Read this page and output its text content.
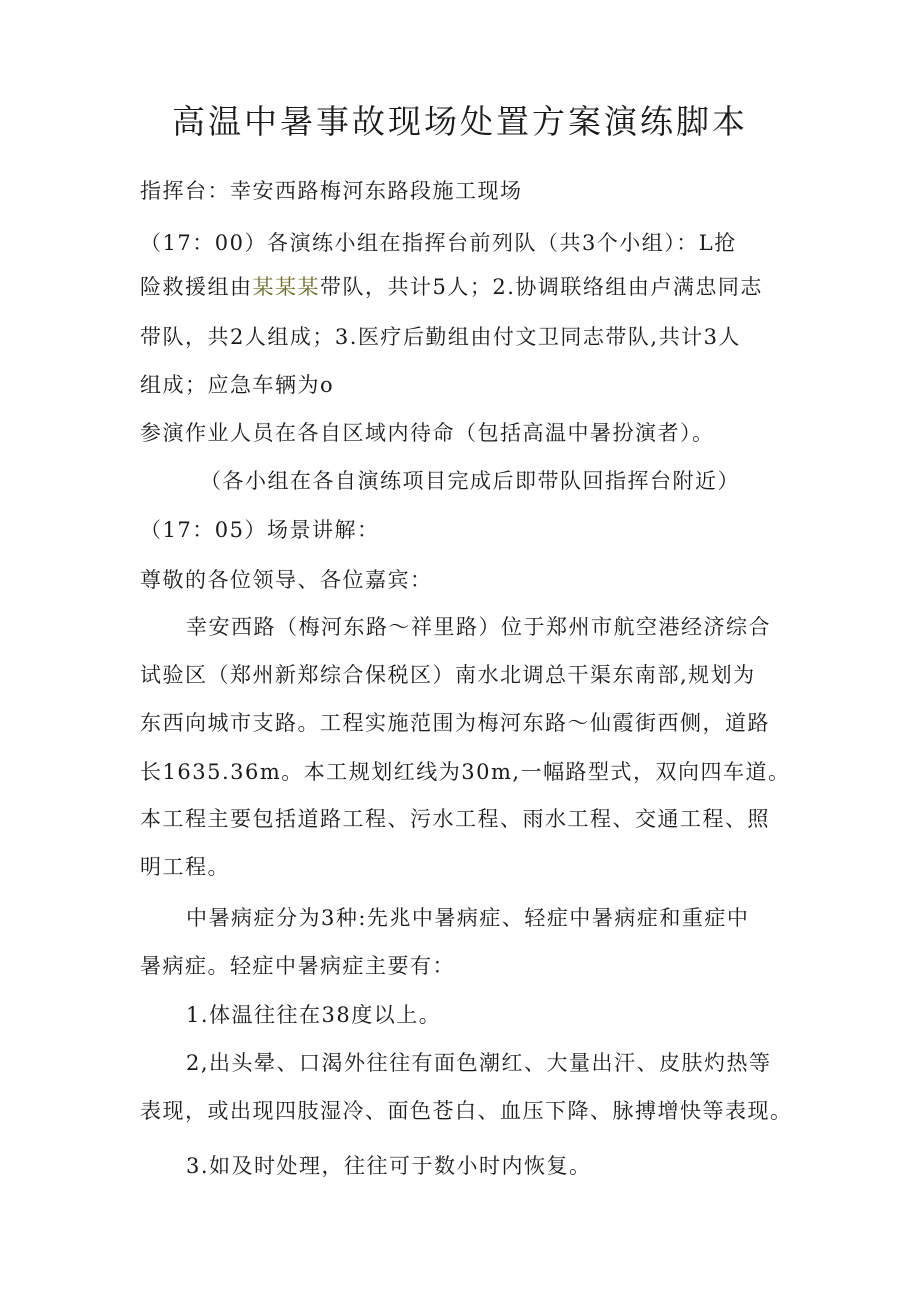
高温中暑事故现场处置方案演练脚本
指挥台：幸安西路梅河东路段施工现场
（17：00）各演练小组在指挥台前列队（共3个小组）：L抢
险救援组由某某某带队，共计5人；2.协调联络组由卢满忠同志
带队，共2人组成；3.医疗后勤组由付文卫同志带队,共计3人
组成；应急车辆为o
参演作业人员在各自区域内待命（包括高温中暑扮演者）。
（各小组在各自演练项目完成后即带队回指挥台附近）
（17：05）场景讲解：
尊敬的各位领导、各位嘉宾：
幸安西路（梅河东路～祥里路）位于郑州市航空港经济综合
试验区（郑州新郑综合保税区）南水北调总干渠东南部,规划为
东西向城市支路。工程实施范围为梅河东路～仙霞街西侧，道路
长1635.36m。本工规划红线为30m,一幅路型式，双向四车道。
本工程主要包括道路工程、污水工程、雨水工程、交通工程、照
明工程。
中暑病症分为3种:先兆中暑病症、轻症中暑病症和重症中
暑病症。轻症中暑病症主要有：
1.体温往往在38度以上。
2,出头晕、口渴外往往有面色潮红、大量出汗、皮肤灼热等
表现，或出现四肢湿冷、面色苍白、血压下降、脉搏增快等表现。
3.如及时处理，往往可于数小时内恢复。
